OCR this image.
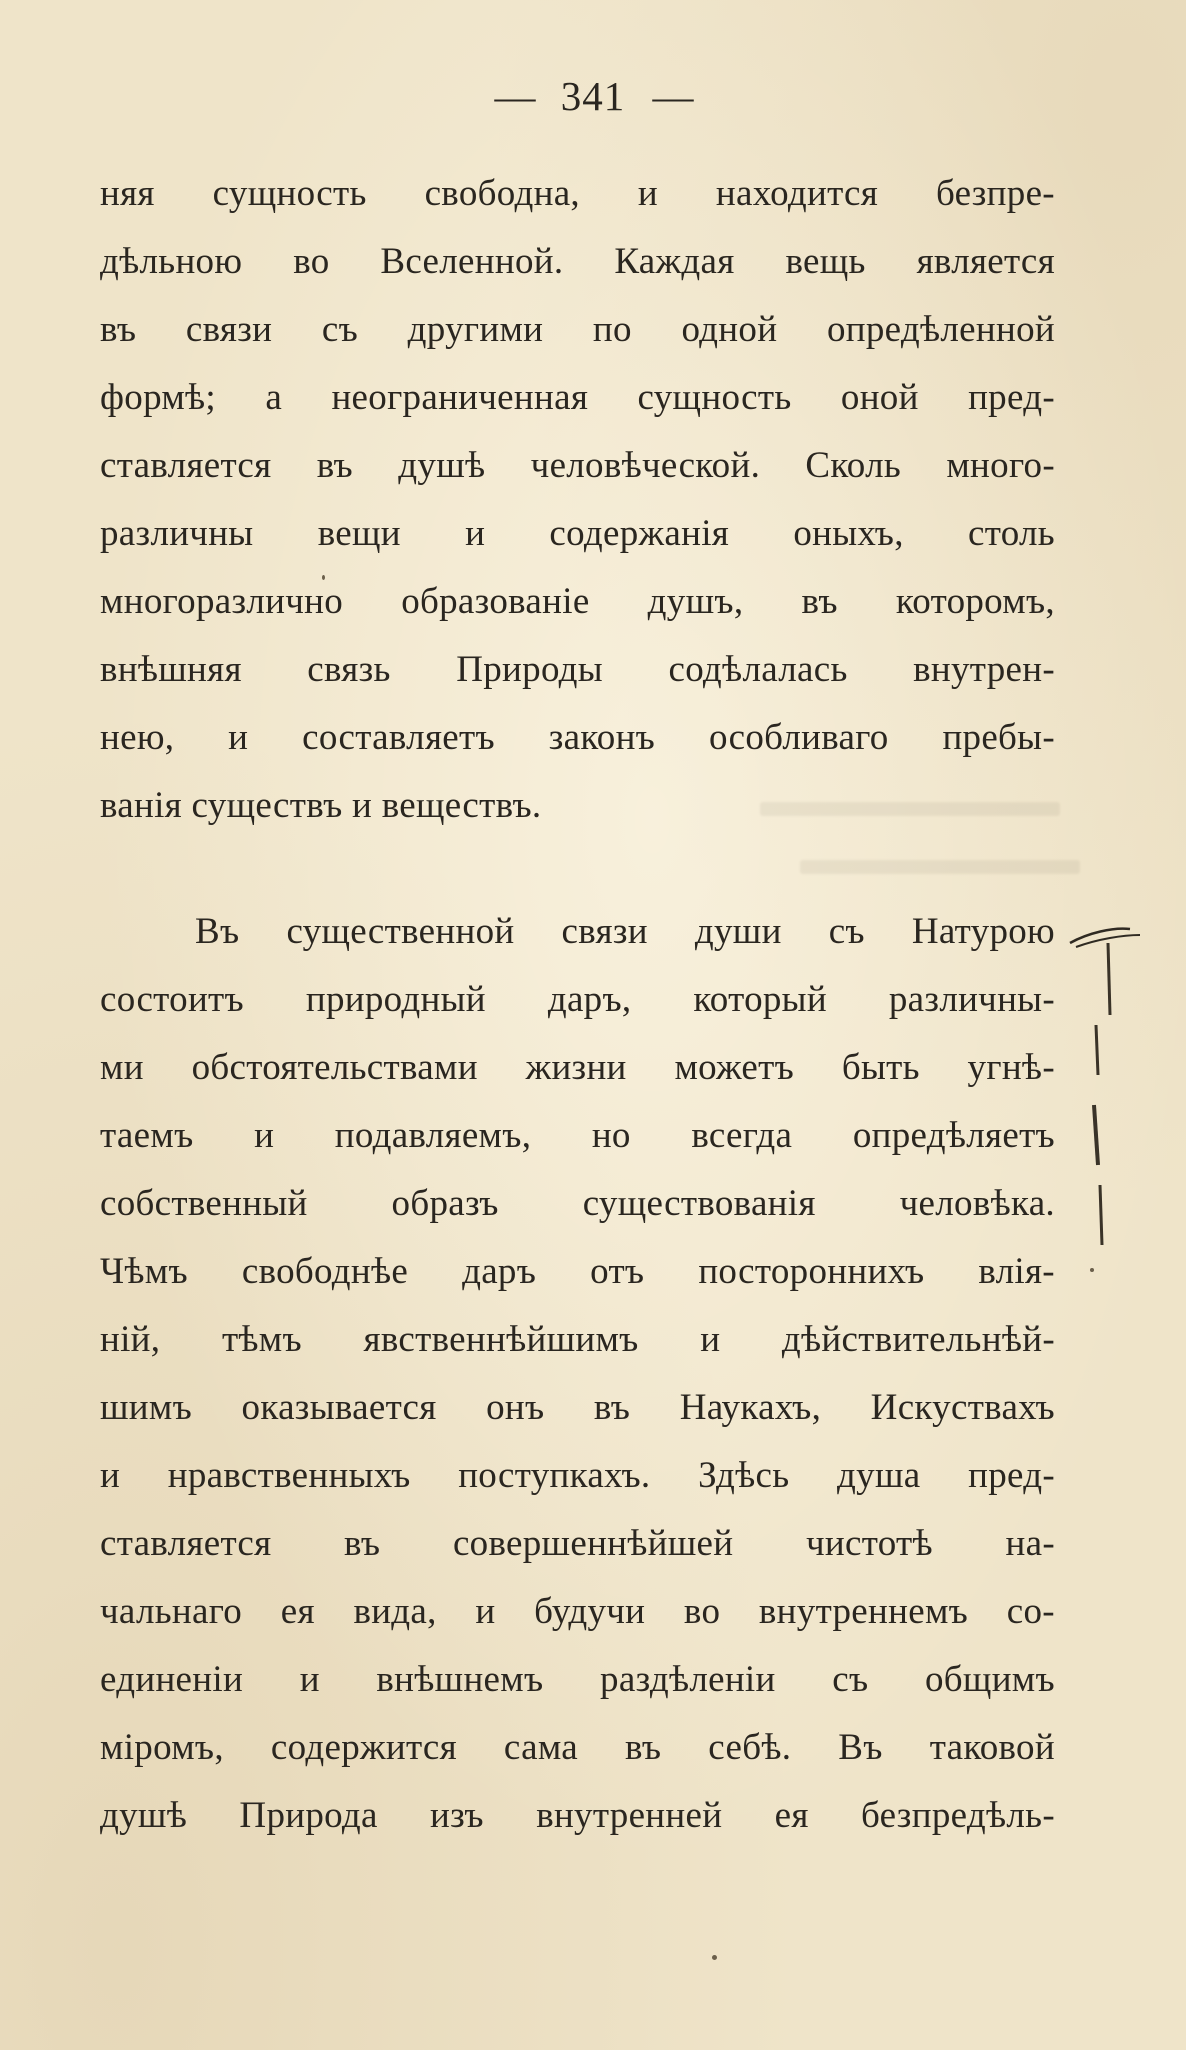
— 341 —
няя сущность свободна, и находится безпре-
дѣльною во Вселенной. Каждая вещь является
въ связи съ другими по одной опредѣленной
формѣ; а неограниченная сущность оной пред-
ставляется въ душѣ человѣческой. Сколь много-
различны вещи и содержанія оныхъ, столь
многоразлично образованіе душъ, въ которомъ,
внѣшняя связь Природы содѣлалась внутрен-
нею, и составляетъ законъ особливаго пребы-
ванія существъ и веществъ.
Въ существенной связи души съ Натурою
состоитъ природный даръ, который различны-
ми обстоятельствами жизни можетъ быть угнѣ-
таемъ и подавляемъ, но всегда опредѣляетъ
собственный образъ существованія человѣка.
Чѣмъ свободнѣе даръ отъ постороннихъ влія-
ній, тѣмъ явственнѣйшимъ и дѣйствительнѣй-
шимъ оказывается онъ въ Наукахъ, Искуствахъ
и нравственныхъ поступкахъ. Здѣсь душа пред-
ставляется въ совершеннѣйшей чистотѣ на-
чальнаго ея вида, и будучи во внутреннемъ со-
единеніи и внѣшнемъ раздѣленіи съ общимъ
міромъ, содержится сама въ себѣ. Въ таковой
душѣ Природа изъ внутренней ея безпредѣль-
